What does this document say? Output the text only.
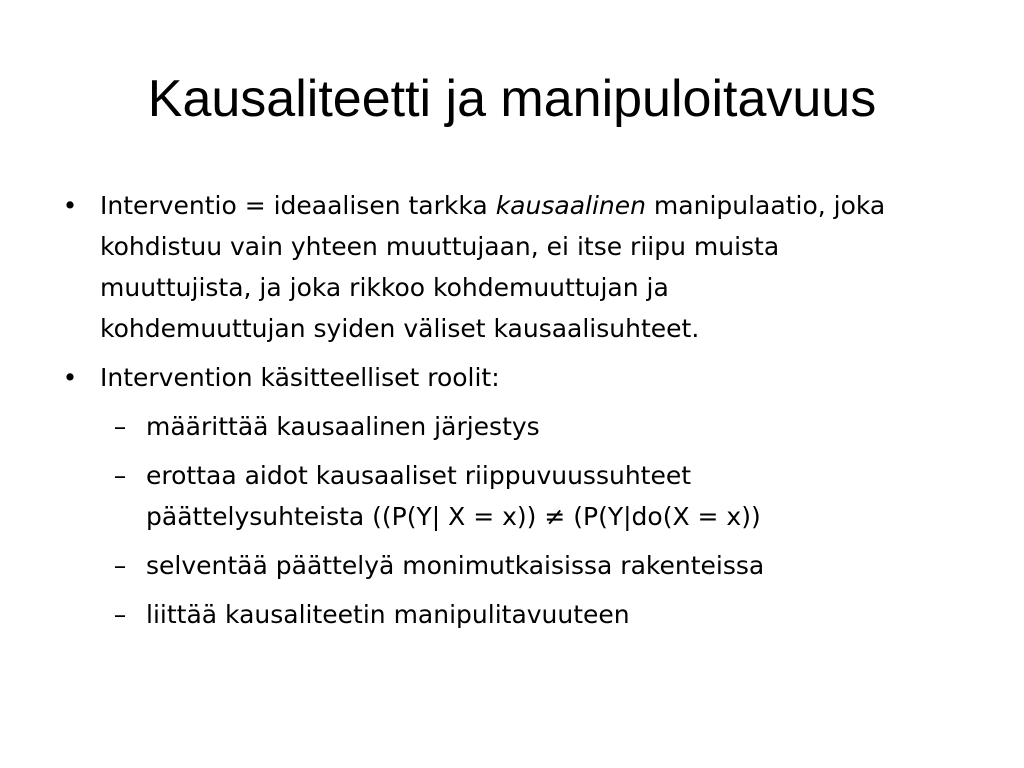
Kausaliteetti ja manipuloitavuus
• Interventio = ideaalisen tarkka kausaalinen manipulaatio, joka
kohdistuu vain yhteen muuttujaan, ei itse riipu muista
muuttujista, ja joka rikkoo kohdemuuttujan ja
kohdemuuttujan syiden väliset kausaalisuhteet.
• Intervention käsitteelliset roolit:
– määrittää kausaalinen järjestys
– erottaa aidot kausaaliset riippuvuussuhteet
päättelysuhteista ((P(Y| X = x)) ≠ (P(Y|do(X = x))
– selventää päättelyä monimutkaisissa rakenteissa
– liittää kausaliteetin manipulitavuuteen
